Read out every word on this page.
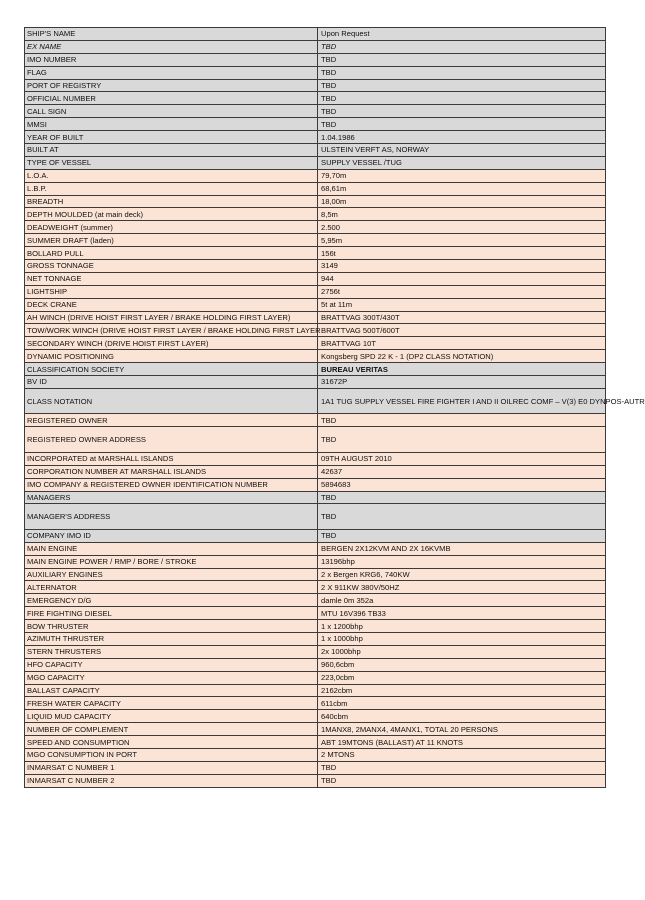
SHIP'S NAME	Upon Request
EX NAME	TBD
IMO NUMBER	TBD
FLAG	TBD
PORT OF REGISTRY	TBD
OFFICIAL NUMBER	TBD
CALL SIGN	TBD
MMSI	TBD
YEAR OF BUILT	1.04.1986
BUILT AT	ULSTEIN VERFT AS, NORWAY
TYPE OF VESSEL	SUPPLY VESSEL /TUG
L.O.A.	79,70m
L.B.P.	68,61m
BREADTH	18,00m
DEPTH MOULDED (at main deck)	8,5m
DEADWEIGHT (summer)	2.500
SUMMER DRAFT (laden)	5,95m
BOLLARD PULL	156t
GROSS TONNAGE	3149
NET TONNAGE	944
LIGHTSHIP	2756t
DECK CRANE	5t at 11m
AH WINCH (DRIVE HOIST FIRST LAYER / BRAKE HOLDING FIRST LAYER)	BRATTVAG 300T/430T
TOW/WORK WINCH (DRIVE HOIST FIRST LAYER / BRAKE HOLDING FIRST LAYER	BRATTVAG 500T/600T
SECONDARY WINCH (DRIVE HOIST FIRST LAYER)	BRATTVAG 10T
DYNAMIC POSITIONING	Kongsberg SPD 22 K - 1 (DP2 CLASS NOTATION)
CLASSIFICATION SOCIETY	BUREAU VERITAS
BV ID	31672P
CLASS NOTATION	1A1 TUG SUPPLY VESSEL FIRE FIGHTER I AND II OILREC COMF – V(3) E0 DYNPOS-AUTR
REGISTERED OWNER	TBD
REGISTERED OWNER ADDRESS	TBD
INCORPORATED at MARSHALL ISLANDS	09TH AUGUST 2010
CORPORATION NUMBER AT MARSHALL ISLANDS	42637
IMO COMPANY & REGISTERED OWNER IDENTIFICATION NUMBER	5894683
MANAGERS	TBD
MANAGER'S ADDRESS	TBD
COMPANY IMO ID	TBD
MAIN ENGINE	BERGEN 2X12KVM AND 2X 16KVMB
MAIN ENGINE POWER / RMP / BORE / STROKE	13196bhp
AUXILIARY ENGINES	2 x Bergen KRG6, 740KW
ALTERNATOR	2 X 911KW 380V/50HZ
EMERGENCY D/G	damle 0m 352a
FIRE FIGHTING DIESEL	MTU 16V396 TB33
BOW THRUSTER	1 x 1200bhp
AZIMUTH THRUSTER	1 x 1000bhp
STERN THRUSTERS	2x 1000bhp
HFO CAPACITY	960,6cbm
MGO CAPACITY	223,0cbm
BALLAST CAPACITY	2162cbm
FRESH WATER CAPACITY	611cbm
LIQUID MUD CAPACITY	640cbm
NUMBER OF COMPLEMENT	1MANX8, 2MANX4, 4MANX1, TOTAL 20 PERSONS
SPEED AND CONSUMPTION	ABT 19MTONS (BALLAST) AT 11 KNOTS
MGO CONSUMPTION IN PORT	2 MTONS
INMARSAT C NUMBER 1	TBD
INMARSAT C NUMBER 2	TBD
